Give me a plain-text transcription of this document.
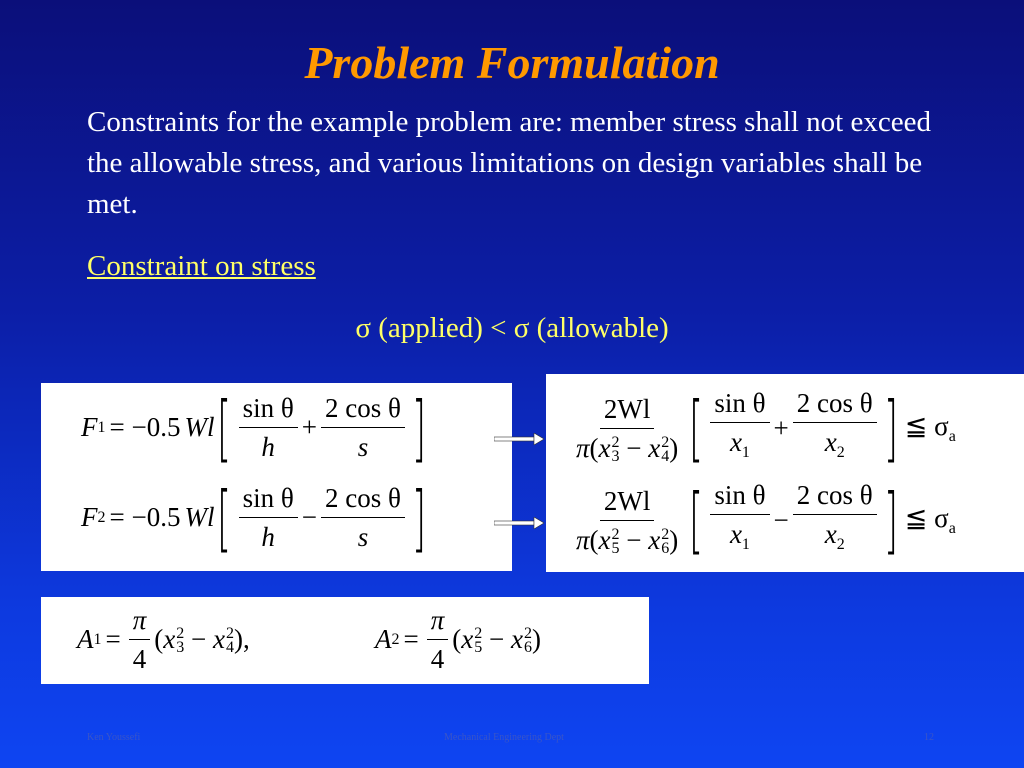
Problem Formulation
Constraints for the example problem are: member stress shall not exceed the allowable stress, and various limitations on design variables shall be met.
Constraint on stress
σ (applied) < σ (allowable)
F 1 = −0.5 Wl [ $\frac{\text{sin θ}}{h} + \frac{\text{2 cos θ}}{s}$ ]
F 2 = −0.5 Wl [ $\frac{\text{sin θ}}{h} - \frac{\text{2 cos θ}}{s}$ ]
2Wl
π(x 2
3 − x 2
4 ) [ $\frac{\text{sin θ}}{x_1} + \frac{\text{2 cos θ}}{x_2}$ ] ≦ $\sigma_a$
2Wl
π(x 2
5 − x 2
6 ) [ $\frac{\text{sin θ}}{x_1} - \frac{\text{2 cos θ}}{x_2}$ ] ≦ $\sigma_a$
A $1 = \frac{\pi}{4} (x$ 2
3 − x 2
4 ),	A $2 = \frac{\pi}{4} (x$ 2
5 − x 2
6 )
Ken Youssefi	Mechanical Engineering Dept	12
